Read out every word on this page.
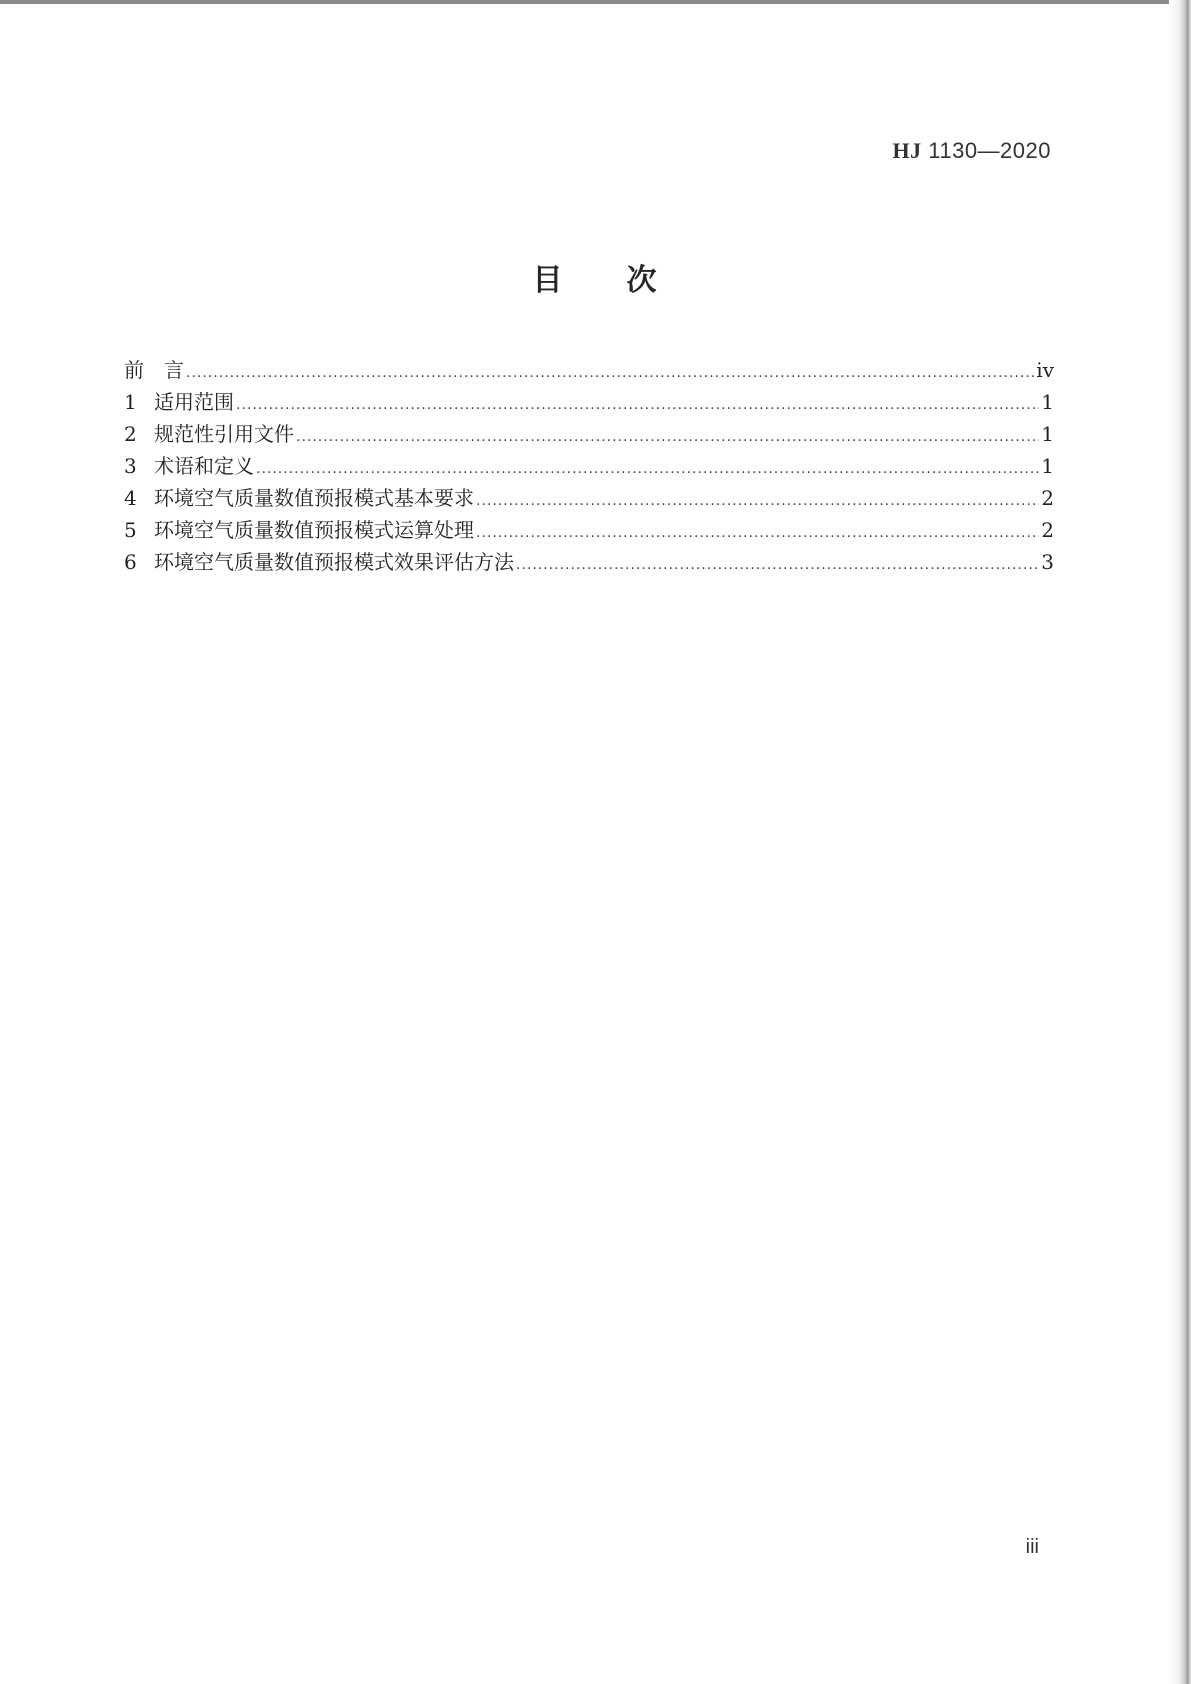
HJ 1130—2020
目 次
前　言 .....	iv
1 适用范围 .....	1
2 规范性引用文件 .....	1
3 术语和定义 .....	1
4 环境空气质量数值预报模式基本要求 .....	2
5 环境空气质量数值预报模式运算处理 .....	2
6 环境空气质量数值预报模式效果评估方法 .....	3
iii
